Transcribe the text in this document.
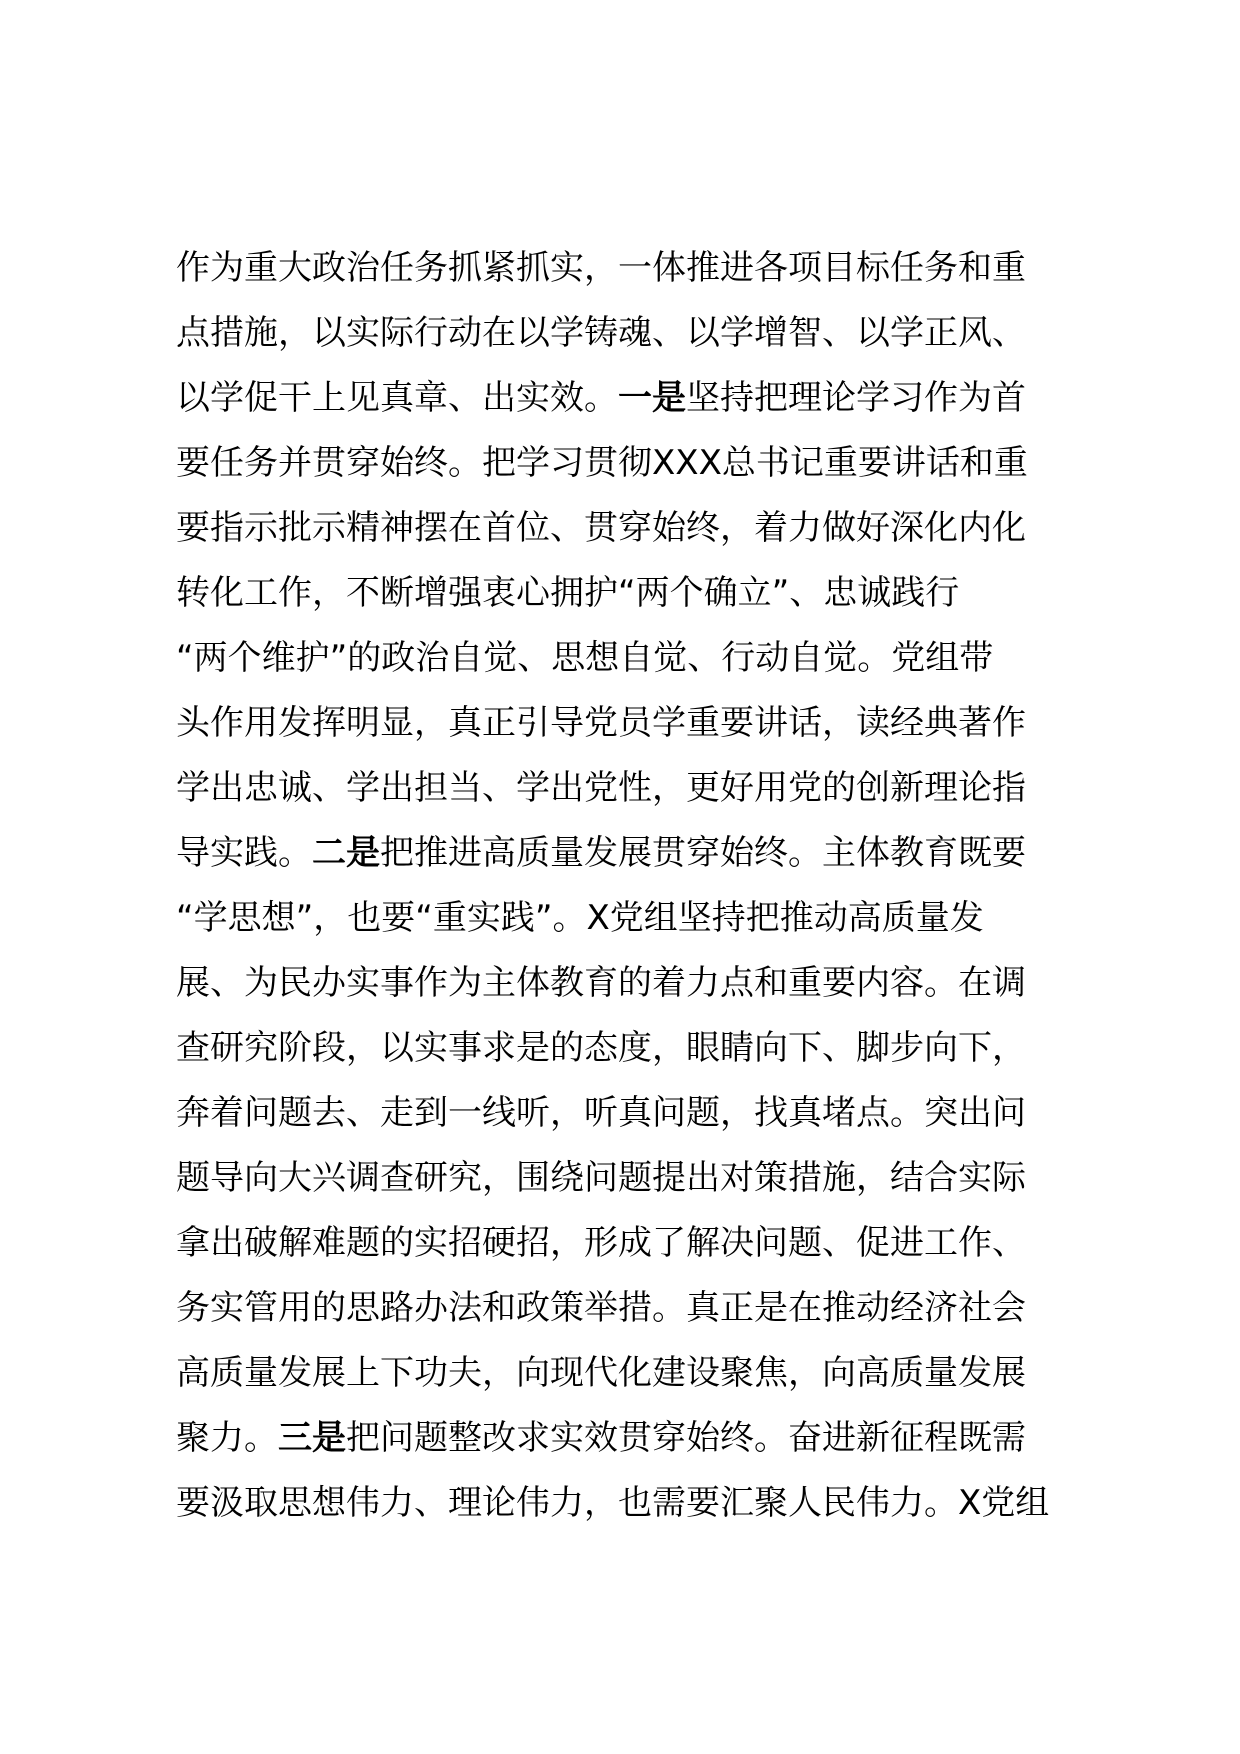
作为重大政治任务抓紧抓实，一体推进各项目标任务和重
点措施，以实际行动在以学铸魂、以学增智、以学正风、
以学促干上见真章、出实效。一是坚持把理论学习作为首
要任务并贯穿始终。把学习贯彻XXX总书记重要讲话和重
要指示批示精神摆在首位、贯穿始终，着力做好深化内化
转化工作，不断增强衷心拥护“两个确立”、忠诚践行
“两个维护”的政治自觉、思想自觉、行动自觉。党组带
头作用发挥明显，真正引导党员学重要讲话，读经典著作
学出忠诚、学出担当、学出党性，更好用党的创新理论指
导实践。二是把推进高质量发展贯穿始终。主体教育既要
“学思想”，也要“重实践”。X党组坚持把推动高质量发
展、为民办实事作为主体教育的着力点和重要内容。在调
查研究阶段，以实事求是的态度，眼睛向下、脚步向下，
奔着问题去、走到一线听，听真问题，找真堵点。突出问
题导向大兴调查研究，围绕问题提出对策措施，结合实际
拿出破解难题的实招硬招，形成了解决问题、促进工作、
务实管用的思路办法和政策举措。真正是在推动经济社会
高质量发展上下功夫，向现代化建设聚焦，向高质量发展
聚力。三是把问题整改求实效贯穿始终。奋进新征程既需
要汲取思想伟力、理论伟力，也需要汇聚人民伟力。X党组
